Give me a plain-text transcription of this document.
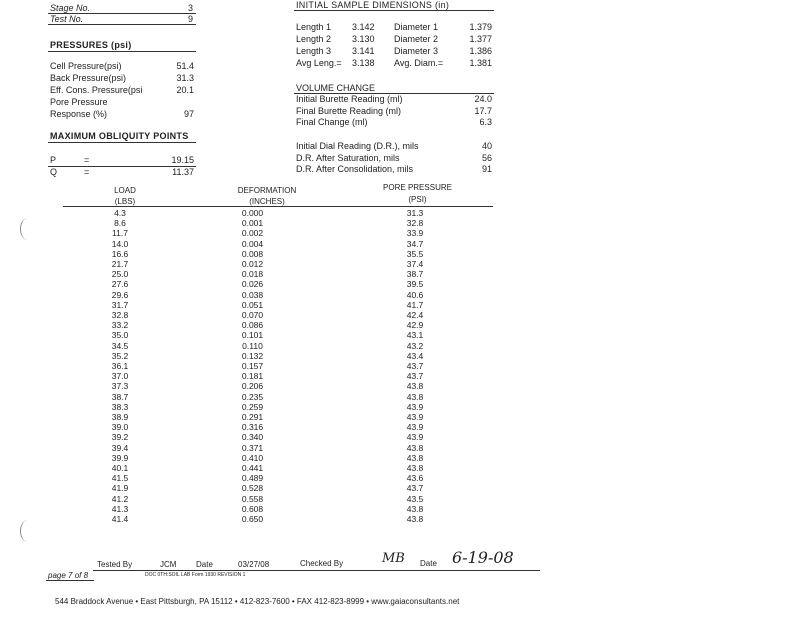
Stage No.	3
Test No.	9
PRESSURES (psi)
Cell Pressure(psi)	51.4
Back Pressure(psi)	31.3
Eff. Cons. Pressure(psi	20.1
Pore Pressure
Response (%)	97
MAXIMUM OBLIQUITY POINTS
P	=	19.15
Q	=	11.37
INITIAL SAMPLE DIMENSIONS (in)
Length 1 3.142 Diameter 1	1.379
Length 2 3.130 Diameter 2	1.377
Length 3 3.141 Diameter 3	1.386
Avg Leng.= 3.138 Avg. Diam.=	1.381
VOLUME CHANGE
Initial Burette Reading (ml)	24.0
Final Burette Reading (ml)	17.7
Final Change (ml)	6.3
Initial Dial Reading (D.R.), mils	40
D.R. After Saturation, mils	56
D.R. After Consolidation, mils	91
LOAD
(LBS)
DEFORMATION
(INCHES)
PORE PRESSURE
(PSI)
4.3	0.000	31.3
8.6	0.001	32.8
11.7	0.002	33.9
14.0	0.004	34.7
16.6	0.008	35.5
21.7	0.012	37.4
25.0	0.018	38.7
27.6	0.026	39.5
29.6	0.038	40.6
31.7	0.051	41.7
32.8	0.070	42.4
33.2	0.086	42.9
35.0	0.101	43.1
34.5	0.110	43.2
35.2	0.132	43.4
36.1	0.157	43.7
37.0	0.181	43.7
37.3	0.206	43.8
38.7	0.235	43.8
38.3	0.259	43.9
38.9	0.291	43.9
39.0	0.316	43.9
39.2	0.340	43.9
39.4	0.371	43.8
39.9	0.410	43.8
40.1	0.441	43.8
41.5	0.489	43.6
41.9	0.528	43.7
41.2	0.558	43.5
41.3	0.608	43.8
41.4	0.650	43.8
Tested By	JCM Date	03/27/08	Checked By	MB Date 6-19-08
page 7 of 8	DOC 0TH:SOIL LAB Form 1930 REVISION 1
544 Braddock Avenue • East Pittsburgh, PA 15112 • 412-823-7600 • FAX 412-823-8999 • www.gaiaconsultants.net
